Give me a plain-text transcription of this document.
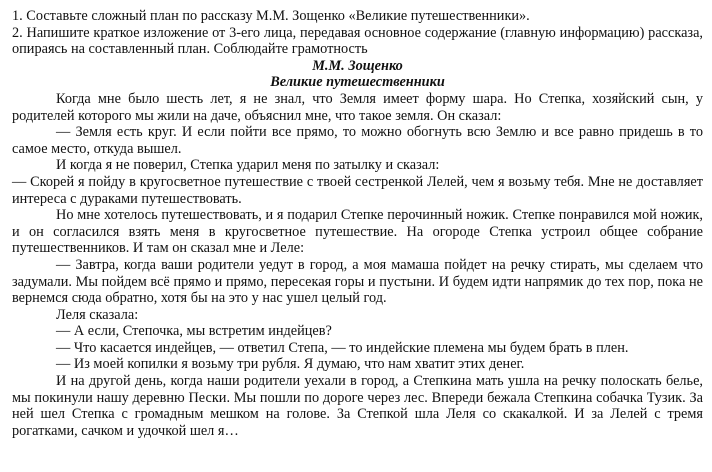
1. Составьте сложный план по рассказу М.М. Зощенко «Великие путешественники».

2. Напишите краткое изложение от 3-его лица, передавая основное содержание (главную информацию) рассказа, опираясь на составленный план. Соблюдайте грамотность

М.М. Зощенко

Великие путешественники

Когда мне было шесть лет, я не знал, что Земля имеет форму шара. Но Степка, хозяйский сын, у родителей которого мы жили на даче, объяснил мне, что такое земля. Он сказал:

— Земля есть круг. И если пойти все прямо, то можно обогнуть всю Землю и все равно придешь в то самое место, откуда вышел.

И когда я не поверил, Степка ударил меня по затылку и сказал:

— Скорей я пойду в кругосветное путешествие с твоей сестренкой Лелей, чем я возьму тебя. Мне не доставляет интереса с дураками путешествовать.

Но мне хотелось путешествовать, и я подарил Степке перочинный ножик. Степке понравился мой ножик, и он согласился взять меня в кругосветное путешествие. На огороде Степка устроил общее собрание путешественников. И там он сказал мне и Леле:

— Завтра, когда ваши родители уедут в город, а моя мамаша пойдет на речку стирать, мы сделаем что задумали. Мы пойдем всё прямо и прямо, пересекая горы и пустыни. И будем идти напрямик до тех пор, пока не вернемся сюда обратно, хотя бы на это у нас ушел целый год.

Леля сказала:

— А если, Степочка, мы встретим индейцев?

— Что касается индейцев, — ответил Степа, — то индейские племена мы будем брать в плен.

— Из моей копилки я возьму три рубля. Я думаю, что нам хватит этих денег.

И на другой день, когда наши родители уехали в город, а Степкина мать ушла на речку полоскать белье, мы покинули нашу деревню Пески. Мы пошли по дороге через лес. Впереди бежала Степкина собачка Тузик. За ней шел Степка с громадным мешком на голове. За Степкой шла Леля со скакалкой. И за Лелей с тремя рогатками, сачком и удочкой шел я…
